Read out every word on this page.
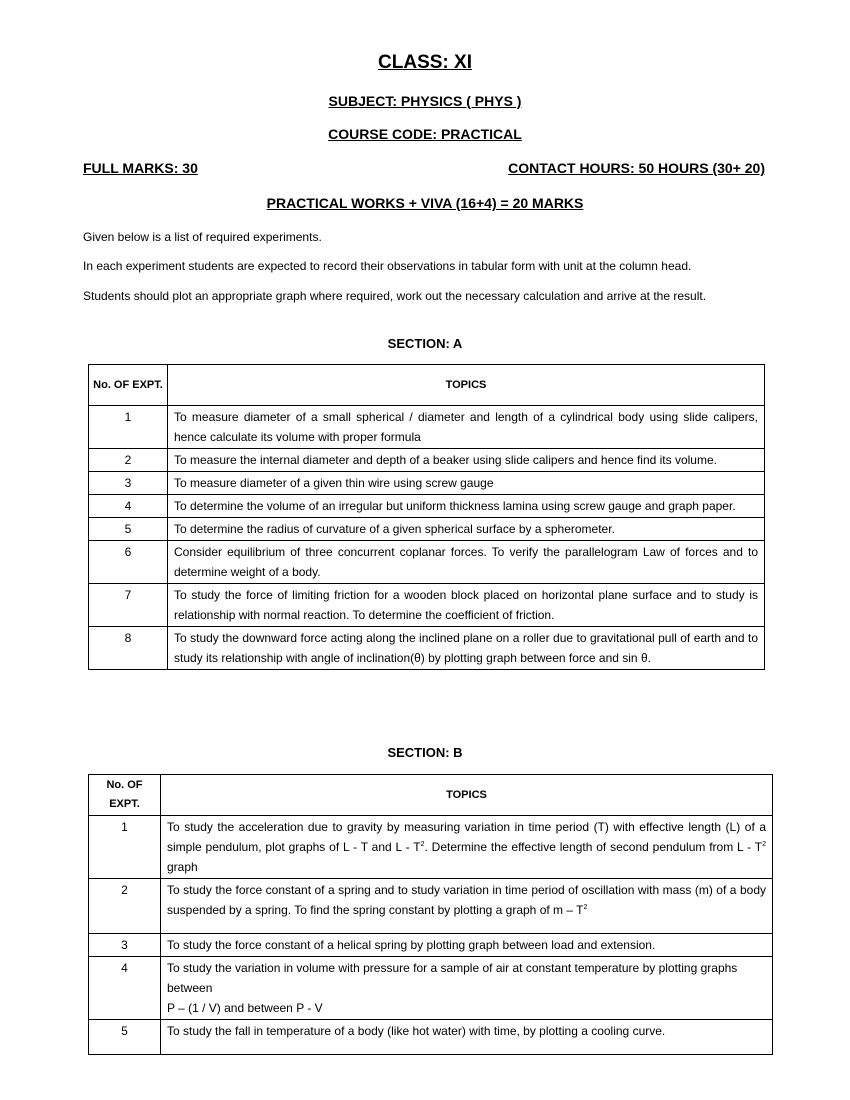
CLASS: XI
SUBJECT: PHYSICS ( PHYS )
COURSE CODE: PRACTICAL
FULL MARKS: 30	CONTACT HOURS: 50 HOURS (30+ 20)
PRACTICAL WORKS + VIVA (16+4) = 20 MARKS

Given below is a list of required experiments.

In each experiment students are expected to record their observations in tabular form with unit at the column head.

Students should plot an appropriate graph where required, work out the necessary calculation and arrive at the result.

SECTION: A
No. OF EXPT.	TOPICS
1	To measure diameter of a small spherical / diameter and length of a cylindrical body using slide calipers, hence calculate its volume with proper formula
2	To measure the internal diameter and depth of a beaker using slide calipers and hence find its volume.
3	To measure diameter of a given thin wire using screw gauge
4	To determine the volume of an irregular but uniform thickness lamina using screw gauge and graph paper.
5	To determine the radius of curvature of a given spherical surface by a spherometer.
6	Consider equilibrium of three concurrent coplanar forces. To verify the parallelogram Law of forces and to determine weight of a body.
7	To study the force of limiting friction for a wooden block placed on horizontal plane surface and to study is relationship with normal reaction. To determine the coefficient of friction.
8	To study the downward force acting along the inclined plane on a roller due to gravitational pull of earth and to study its relationship with angle of inclination(θ) by plotting graph between force and sin θ.
SECTION: B
No. OF EXPT.	TOPICS
1	To study the acceleration due to gravity by measuring variation in time period (T) with effective length (L) of a simple pendulum, plot graphs of L - T and L - $T^2$. Determine the effective length of second pendulum from L - $T^2$ graph
2	To study the force constant of a spring and to study variation in time period of oscillation with mass (m) of a body suspended by a spring. To find the spring constant by plotting a graph of m – $T^2$
3	To study the force constant of a helical spring by plotting graph between load and extension.
4	To study the variation in volume with pressure for a sample of air at constant temperature by plotting graphs between
P – (1 / V) and between P - V

5	To study the fall in temperature of a body (like hot water) with time, by plotting a cooling curve.
